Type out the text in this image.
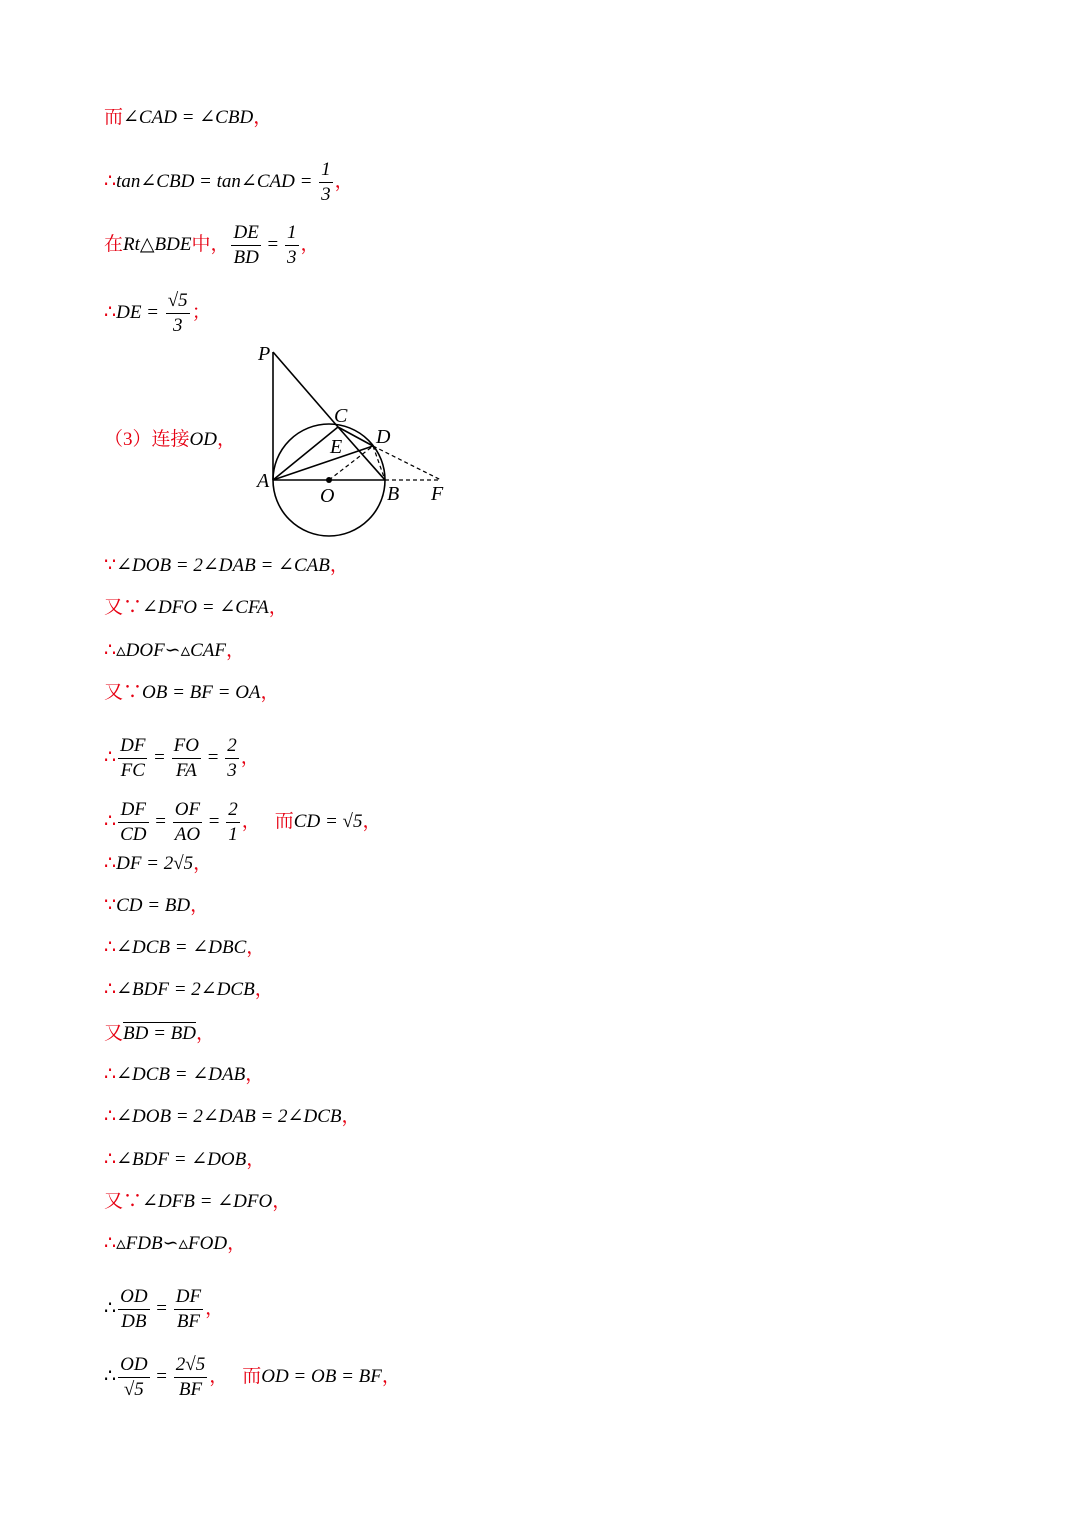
而∠CAD = ∠CBD，
∴tan∠CBD = tan∠CAD = $\frac{1}{3}$ ，
在Rt△BDE中， $\frac{DE}{BD} = \frac{1}{3}$ ，
∴DE = $\frac{√5}{3}$ ；
（3）连接OD，
∵∠DOB = 2∠DAB = ∠CAB，
又∵∠DFO = ∠CFA，
∴▵DOF∽▵CAF，
又∵OB = BF = OA，
∴ $\frac{DF}{FC} = \frac{FO}{FA} = \frac{2}{3}$ ，
∴ $\frac{DF}{CD} = \frac{OF}{AO} = \frac{2}{1}$ ， 而CD = √5，
∴DF = 2√5，
∵CD = BD，
∴∠DCB = ∠DBC，
∴∠BDF = 2∠DCB，
又BD = BD，
∴∠DCB = ∠DAB，
∴∠DOB = 2∠DAB = 2∠DCB，
∴∠BDF = ∠DOB，
又∵∠DFB = ∠DFO，
∴▵FDB∽▵FOD，
∴ $\frac{OD}{DB} = \frac{DF}{BF}$ ，
∴ $\frac{OD}{√5} = \frac{2√5}{BF}$ ， 而OD = OB = BF，
P
C
D
E
A
O	B F
